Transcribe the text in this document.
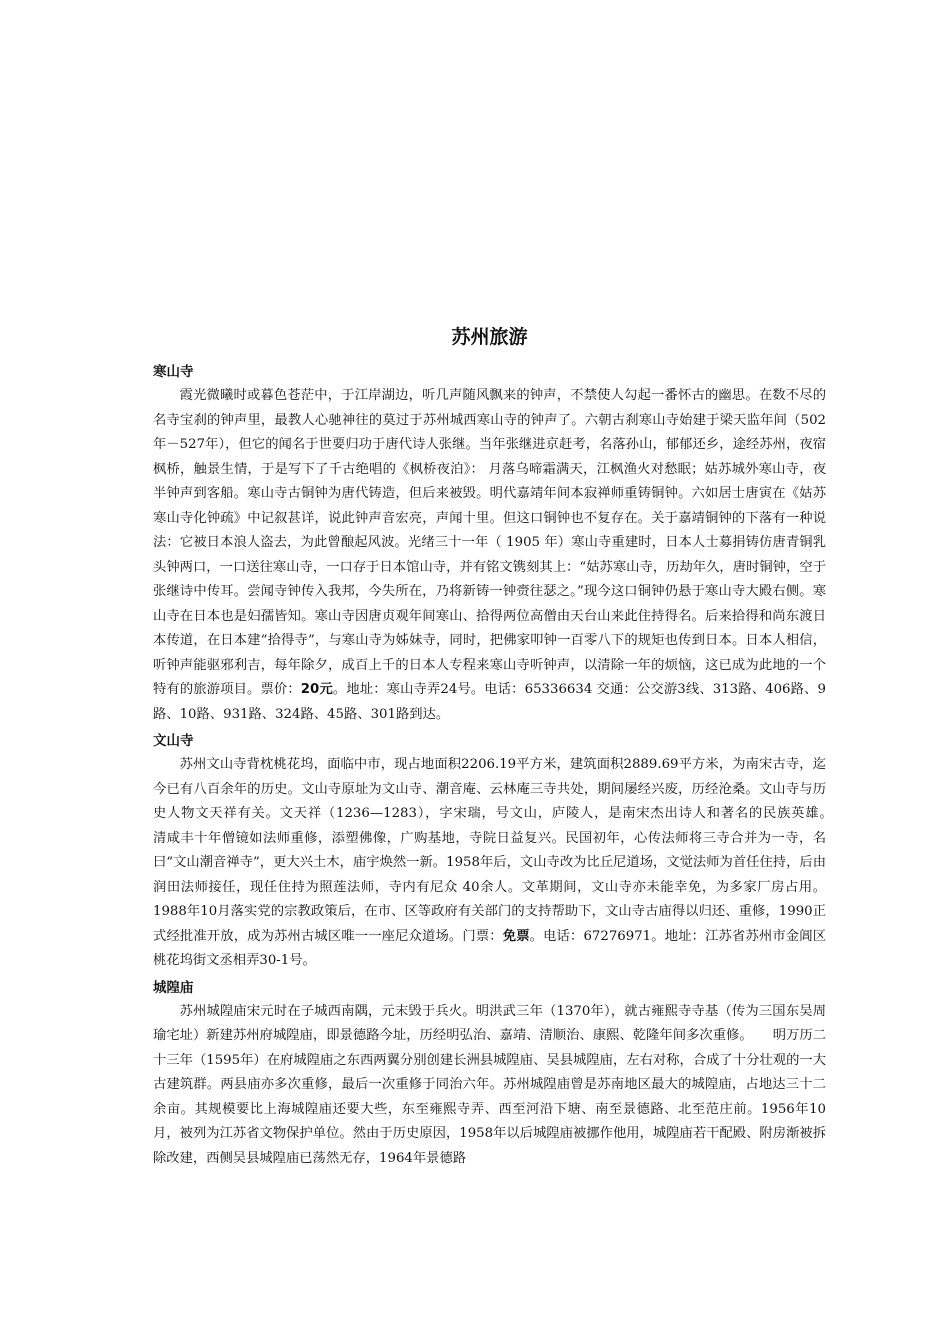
苏州旅游
寒山寺

霞光微曦时或暮色苍茫中，于江岸湖边，听几声随风飘来的钟声，不禁使人勾起一番怀古的幽思。在数不尽的名寺宝刹的钟声里，最教人心驰神往的莫过于苏州城西寒山寺的钟声了。六朝古刹寒山寺始建于梁天监年间（502年－527年），但它的闻名于世要归功于唐代诗人张继。当年张继进京赶考，名落孙山，郁郁还乡，途经苏州，夜宿枫桥，触景生情，于是写下了千古绝唱的《枫桥夜泊》： 月落乌啼霜满天，江枫渔火对愁眠；姑苏城外寒山寺，夜半钟声到客船。寒山寺古铜钟为唐代铸造，但后来被毁。明代嘉靖年间本寂禅师重铸铜钟。六如居士唐寅在《姑苏寒山寺化钟疏》中记叙甚详，说此钟声音宏亮，声闻十里。但这口铜钟也不复存在。关于嘉靖铜钟的下落有一种说法：它被日本浪人盗去，为此曾酿起风波。光绪三十一年（ 1905 年）寒山寺重建时，日本人士募捐铸仿唐青铜乳头钟两口，一口送往寒山寺，一口存于日本馆山寺，并有铭文镌刻其上：“姑苏寒山寺，历劫年久，唐时铜钟，空于张继诗中传耳。尝闻寺钟传入我邦，今失所在，乃将新铸一钟赍往瑟之。”现今这口铜钟仍悬于寒山寺大殿右侧。寒山寺在日本也是妇孺皆知。寒山寺因唐贞观年间寒山、拾得两位高僧由天台山来此住持得名。后来拾得和尚东渡日本传道，在日本建“拾得寺”，与寒山寺为姊妹寺，同时，把佛家叩钟一百零八下的规矩也传到日本。日本人相信，听钟声能驱邪利吉，每年除夕，成百上千的日本人专程来寒山寺听钟声，以清除一年的烦恼，这已成为此地的一个特有的旅游项目。票价：20元。地址：寒山寺弄24号。电话：65336634 交通：公交游3线、313路、406路、9路、10路、931路、324路、45路、301路到达。

文山寺

苏州文山寺背枕桃花坞，面临中市，现占地面积2206.19平方米，建筑面积2889.69平方米，为南宋古寺，迄今已有八百余年的历史。文山寺原址为文山寺、潮音庵、云林庵三寺共处，期间屡经兴废，历经沧桑。文山寺与历史人物文天祥有关。文天祥（1236—1283），字宋瑞，号文山，庐陵人，是南宋杰出诗人和著名的民族英雄。　　清咸丰十年僧镜如法师重修，添塑佛像，广购基地，寺院日益复兴。民国初年，心传法师将三寺合并为一寺，名曰“文山潮音禅寺”，更大兴土木，庙宇焕然一新。1958年后，文山寺改为比丘尼道场，文觉法师为首任住持，后由润田法师接任，现任住持为照莲法师，寺内有尼众 40余人。文革期间，文山寺亦未能幸免，为多家厂房占用。1988年10月落实党的宗教政策后，在市、区等政府有关部门的支持帮助下，文山寺古庙得以归还、重修，1990正式经批准开放，成为苏州古城区唯一一座尼众道场。门票：免票。电话：67276971。地址：江苏省苏州市金阊区桃花坞街文丞相弄30-1号。

城隍庙

苏州城隍庙宋元时在子城西南隅，元末毁于兵火。明洪武三年（1370年），就古雍熙寺寺基（传为三国东吴周瑜宅址）新建苏州府城隍庙，即景德路今址，历经明弘治、嘉靖、清顺治、康熙、乾隆年间多次重修。　　明万历二十三年（1595年）在府城隍庙之东西两翼分别创建长洲县城隍庙、吴县城隍庙，左右对称，合成了十分壮观的一大古建筑群。两县庙亦多次重修，最后一次重修于同治六年。苏州城隍庙曾是苏南地区最大的城隍庙，占地达三十二余亩。其规模要比上海城隍庙还要大些，东至雍熙寺弄、西至河沿下塘、南至景德路、北至范庄前。1956年10月，被列为江苏省文物保护单位。然由于历史原因，1958年以后城隍庙被挪作他用，城隍庙若干配殿、附房渐被拆除改建，西侧吴县城隍庙已荡然无存，1964年景德路
